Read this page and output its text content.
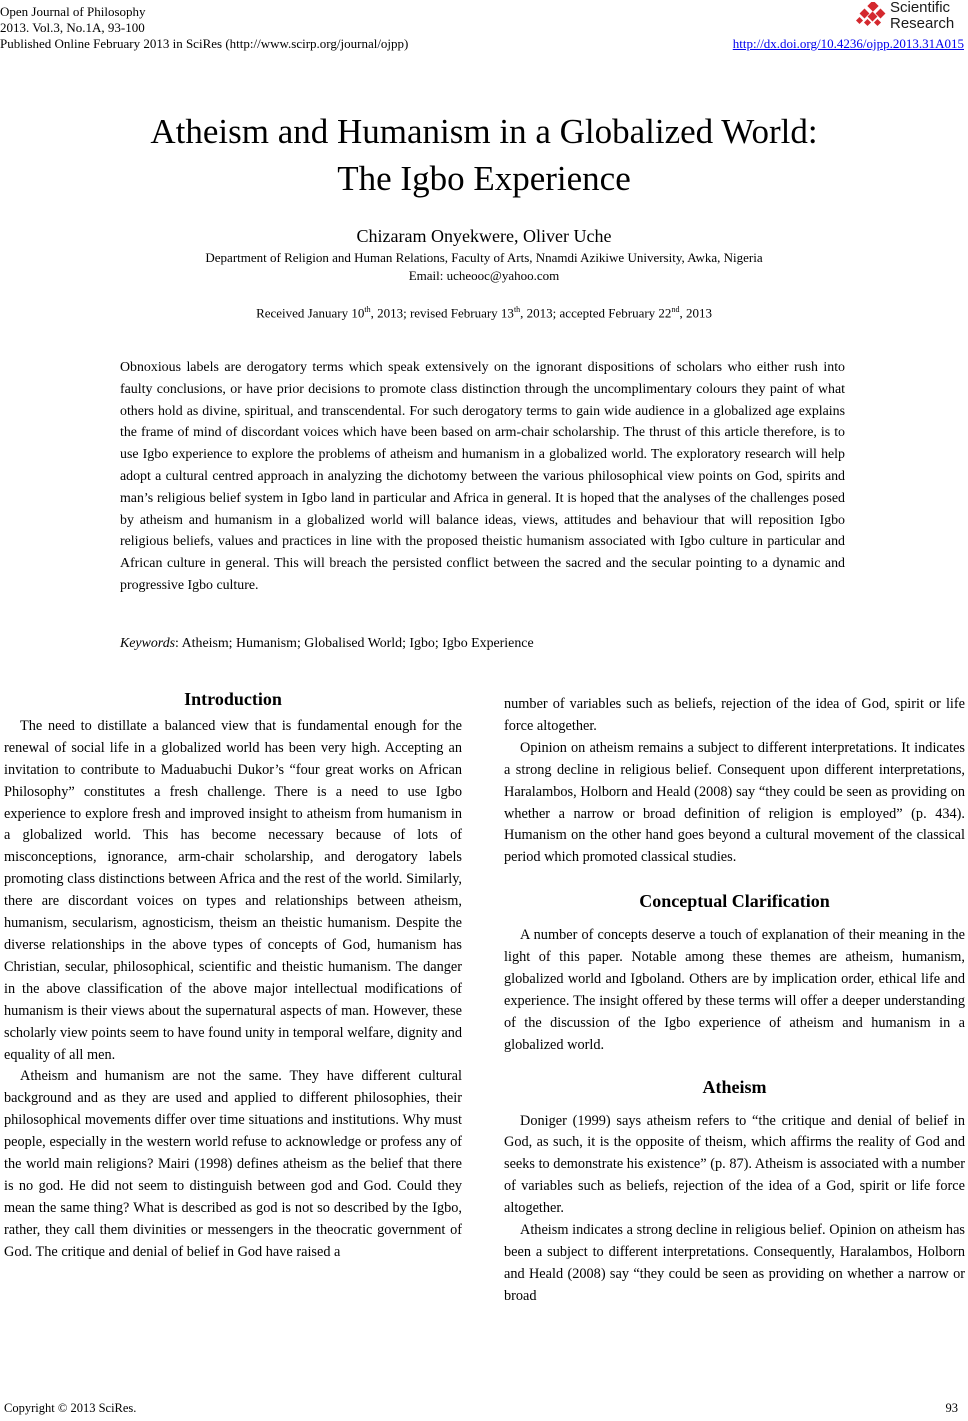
Open Journal of Philosophy
2013. Vol.3, No.1A, 93-100
Published Online February 2013 in SciRes (http://www.scirp.org/journal/ojpp)
Scientific
Research
http://dx.doi.org/10.4236/ojpp.2013.31A015
Atheism and Humanism in a Globalized World:
The Igbo Experience
Chizaram Onyekwere, Oliver Uche
Department of Religion and Human Relations, Faculty of Arts, Nnamdi Azikiwe University, Awka, Nigeria
Email: ucheooc@yahoo.com
Received January 10th, 2013; revised February 13th, 2013; accepted February 22nd, 2013
Obnoxious labels are derogatory terms which speak extensively on the ignorant dispositions of scholars who either rush into faulty conclusions, or have prior decisions to promote class distinction through the uncomplimentary colours they paint of what others hold as divine, spiritual, and transcendental. For such derogatory terms to gain wide audience in a globalized age explains the frame of mind of discordant voices which have been based on arm-chair scholarship. The thrust of this article therefore, is to use Igbo experience to explore the problems of atheism and humanism in a globalized world. The exploratory research will help adopt a cultural centred approach in analyzing the dichotomy between the various philosophical view points on God, spirits and man’s religious belief system in Igbo land in particular and Africa in general. It is hoped that the analyses of the challenges posed by atheism and humanism in a globalized world will balance ideas, views, attitudes and behaviour that will reposition Igbo religious beliefs, values and practices in line with the proposed theistic humanism associated with Igbo culture in particular and African culture in general. This will breach the persisted conflict between the sacred and the secular pointing to a dynamic and progressive Igbo culture.
Keywords: Atheism; Humanism; Globalised World; Igbo; Igbo Experience
Introduction

The need to distillate a balanced view that is fundamental enough for the renewal of social life in a globalized world has been very high. Accepting an invitation to contribute to Maduabuchi Dukor’s “four great works on African Philosophy” constitutes a fresh challenge. There is a need to use Igbo experience to explore fresh and improved insight to atheism from humanism in a globalized world. This has become necessary because of lots of misconceptions, ignorance, arm-chair scholarship, and derogatory labels promoting class distinctions between Africa and the rest of the world. Similarly, there are discordant voices on types and relationships between atheism, humanism, secularism, agnosticism, theism an theistic humanism. Despite the diverse relationships in the above types of concepts of God, humanism has Christian, secular, philosophical, scientific and theistic humanism. The danger in the above classification of the above major intellectual modifications of humanism is their views about the supernatural aspects of man. However, these scholarly view points seem to have found unity in temporal welfare, dignity and equality of all men.

Atheism and humanism are not the same. They have different cultural background and as they are used and applied to different philosophies, their philosophical movements differ over time situations and institutions. Why must people, especially in the western world refuse to acknowledge or profess any of the world main religions? Mairi (1998) defines atheism as the belief that there is no god. He did not seem to distinguish between god and God. Could they mean the same thing? What is described as god is not so described by the Igbo, rather, they call them divinities or messengers in the theocratic government of God. The critique and denial of belief in God have raised a

number of variables such as beliefs, rejection of the idea of God, spirit or life force altogether.

Opinion on atheism remains a subject to different interpretations. It indicates a strong decline in religious belief. Consequent upon different interpretations, Haralambos, Holborn and Heald (2008) say “they could be seen as providing on whether a narrow or broad definition of religion is employed” (p. 434). Humanism on the other hand goes beyond a cultural movement of the classical period which promoted classical studies.

Conceptual Clarification

A number of concepts deserve a touch of explanation of their meaning in the light of this paper. Notable among these themes are atheism, humanism, globalized world and Igboland. Others are by implication order, ethical life and experience. The insight offered by these terms will offer a deeper understanding of the discussion of the Igbo experience of atheism and humanism in a globalized world.

Atheism

Doniger (1999) says atheism refers to “the critique and denial of belief in God, as such, it is the opposite of theism, which affirms the reality of God and seeks to demonstrate his existence” (p. 87). Atheism is associated with a number of variables such as beliefs, rejection of the idea of a God, spirit or life force altogether.

Atheism indicates a strong decline in religious belief. Opinion on atheism has been a subject to different interpretations. Consequently, Haralambos, Holborn and Heald (2008) say “they could be seen as providing on whether a narrow or broad

Copyright © 2013 SciRes.	93
